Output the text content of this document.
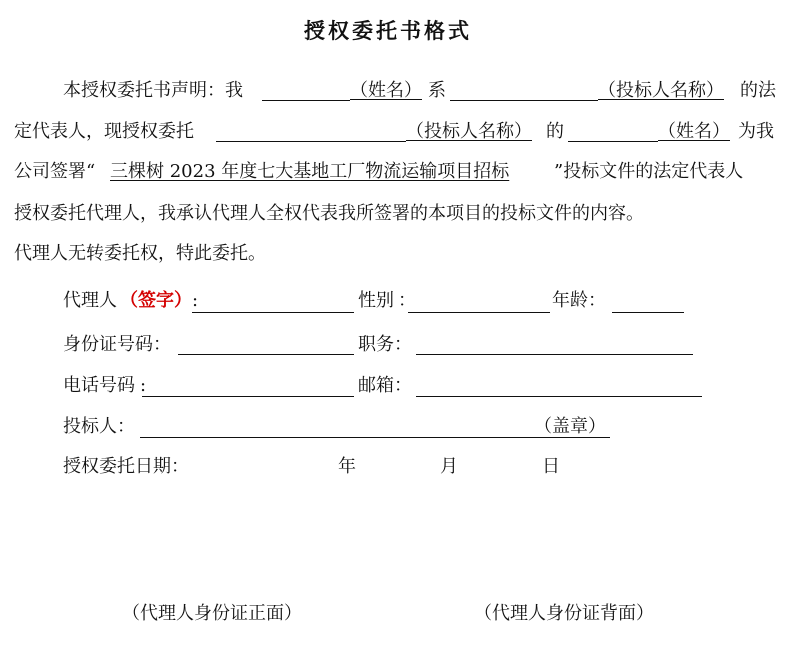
授权委托书格式
本授权委托书声明：我	（姓名） 系	（投标人名称） 的法
定代表人，现授权委托	（投标人名称） 的	（姓名） 为我
公司签署“ 三棵树 2023 年度七大基地工厂物流运输项目招标 ”投标文件的法定代表人
授权委托代理人，我承认代理人全权代表我所签署的本项目的投标文件的内容。
代理人无转委托权，特此委托。
代理人 （签字） :	性别 ：	年龄：
身份证号码：	职务：
电话号码 :	邮箱：
投标人：	（盖章）
授权委托日期：	年	月	日
（代理人身份证正面）	（代理人身份证背面）
